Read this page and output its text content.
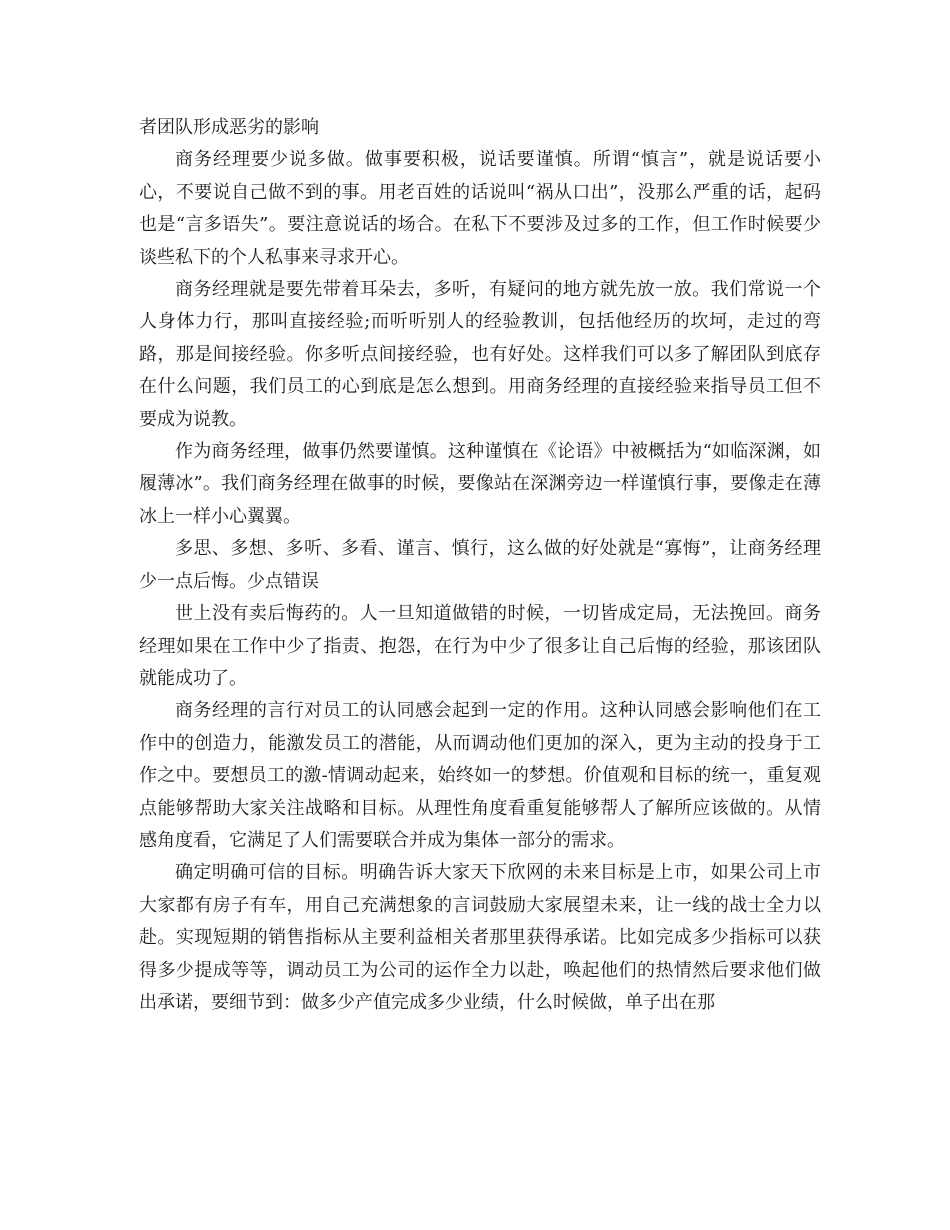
者团队形成恶劣的影响

商务经理要少说多做。做事要积极，说话要谨慎。所谓“慎言”，就是说话要小心，不要说自己做不到的事。用老百姓的话说叫“祸从口出”，没那么严重的话，起码也是“言多语失”。要注意说话的场合。在私下不要涉及过多的工作，但工作时候要少谈些私下的个人私事来寻求开心。

商务经理就是要先带着耳朵去，多听，有疑问的地方就先放一放。我们常说一个人身体力行，那叫直接经验;而听听别人的经验教训，包括他经历的坎坷，走过的弯路，那是间接经验。你多听点间接经验，也有好处。这样我们可以多了解团队到底存在什么问题，我们员工的心到底是怎么想到。用商务经理的直接经验来指导员工但不要成为说教。

作为商务经理，做事仍然要谨慎。这种谨慎在《论语》中被概括为“如临深渊，如履薄冰”。我们商务经理在做事的时候，要像站在深渊旁边一样谨慎行事，要像走在薄冰上一样小心翼翼。

多思、多想、多听、多看、谨言、慎行，这么做的好处就是“寡悔”，让商务经理少一点后悔。少点错误

世上没有卖后悔药的。人一旦知道做错的时候，一切皆成定局，无法挽回。商务经理如果在工作中少了指责、抱怨，在行为中少了很多让自己后悔的经验，那该团队就能成功了。

商务经理的言行对员工的认同感会起到一定的作用。这种认同感会影响他们在工作中的创造力，能激发员工的潜能，从而调动他们更加的深入，更为主动的投身于工作之中。要想员工的激-情调动起来，始终如一的梦想。价值观和目标的统一，重复观点能够帮助大家关注战略和目标。从理性角度看重复能够帮人了解所应该做的。从情感角度看，它满足了人们需要联合并成为集体一部分的需求。

确定明确可信的目标。明确告诉大家天下欣网的未来目标是上市，如果公司上市大家都有房子有车，用自己充满想象的言词鼓励大家展望未来，让一线的战士全力以赴。实现短期的销售指标从主要利益相关者那里获得承诺。比如完成多少指标可以获得多少提成等等，调动员工为公司的运作全力以赴，唤起他们的热情然后要求他们做出承诺，要细节到：做多少产值完成多少业绩，什么时候做，单子出在那
